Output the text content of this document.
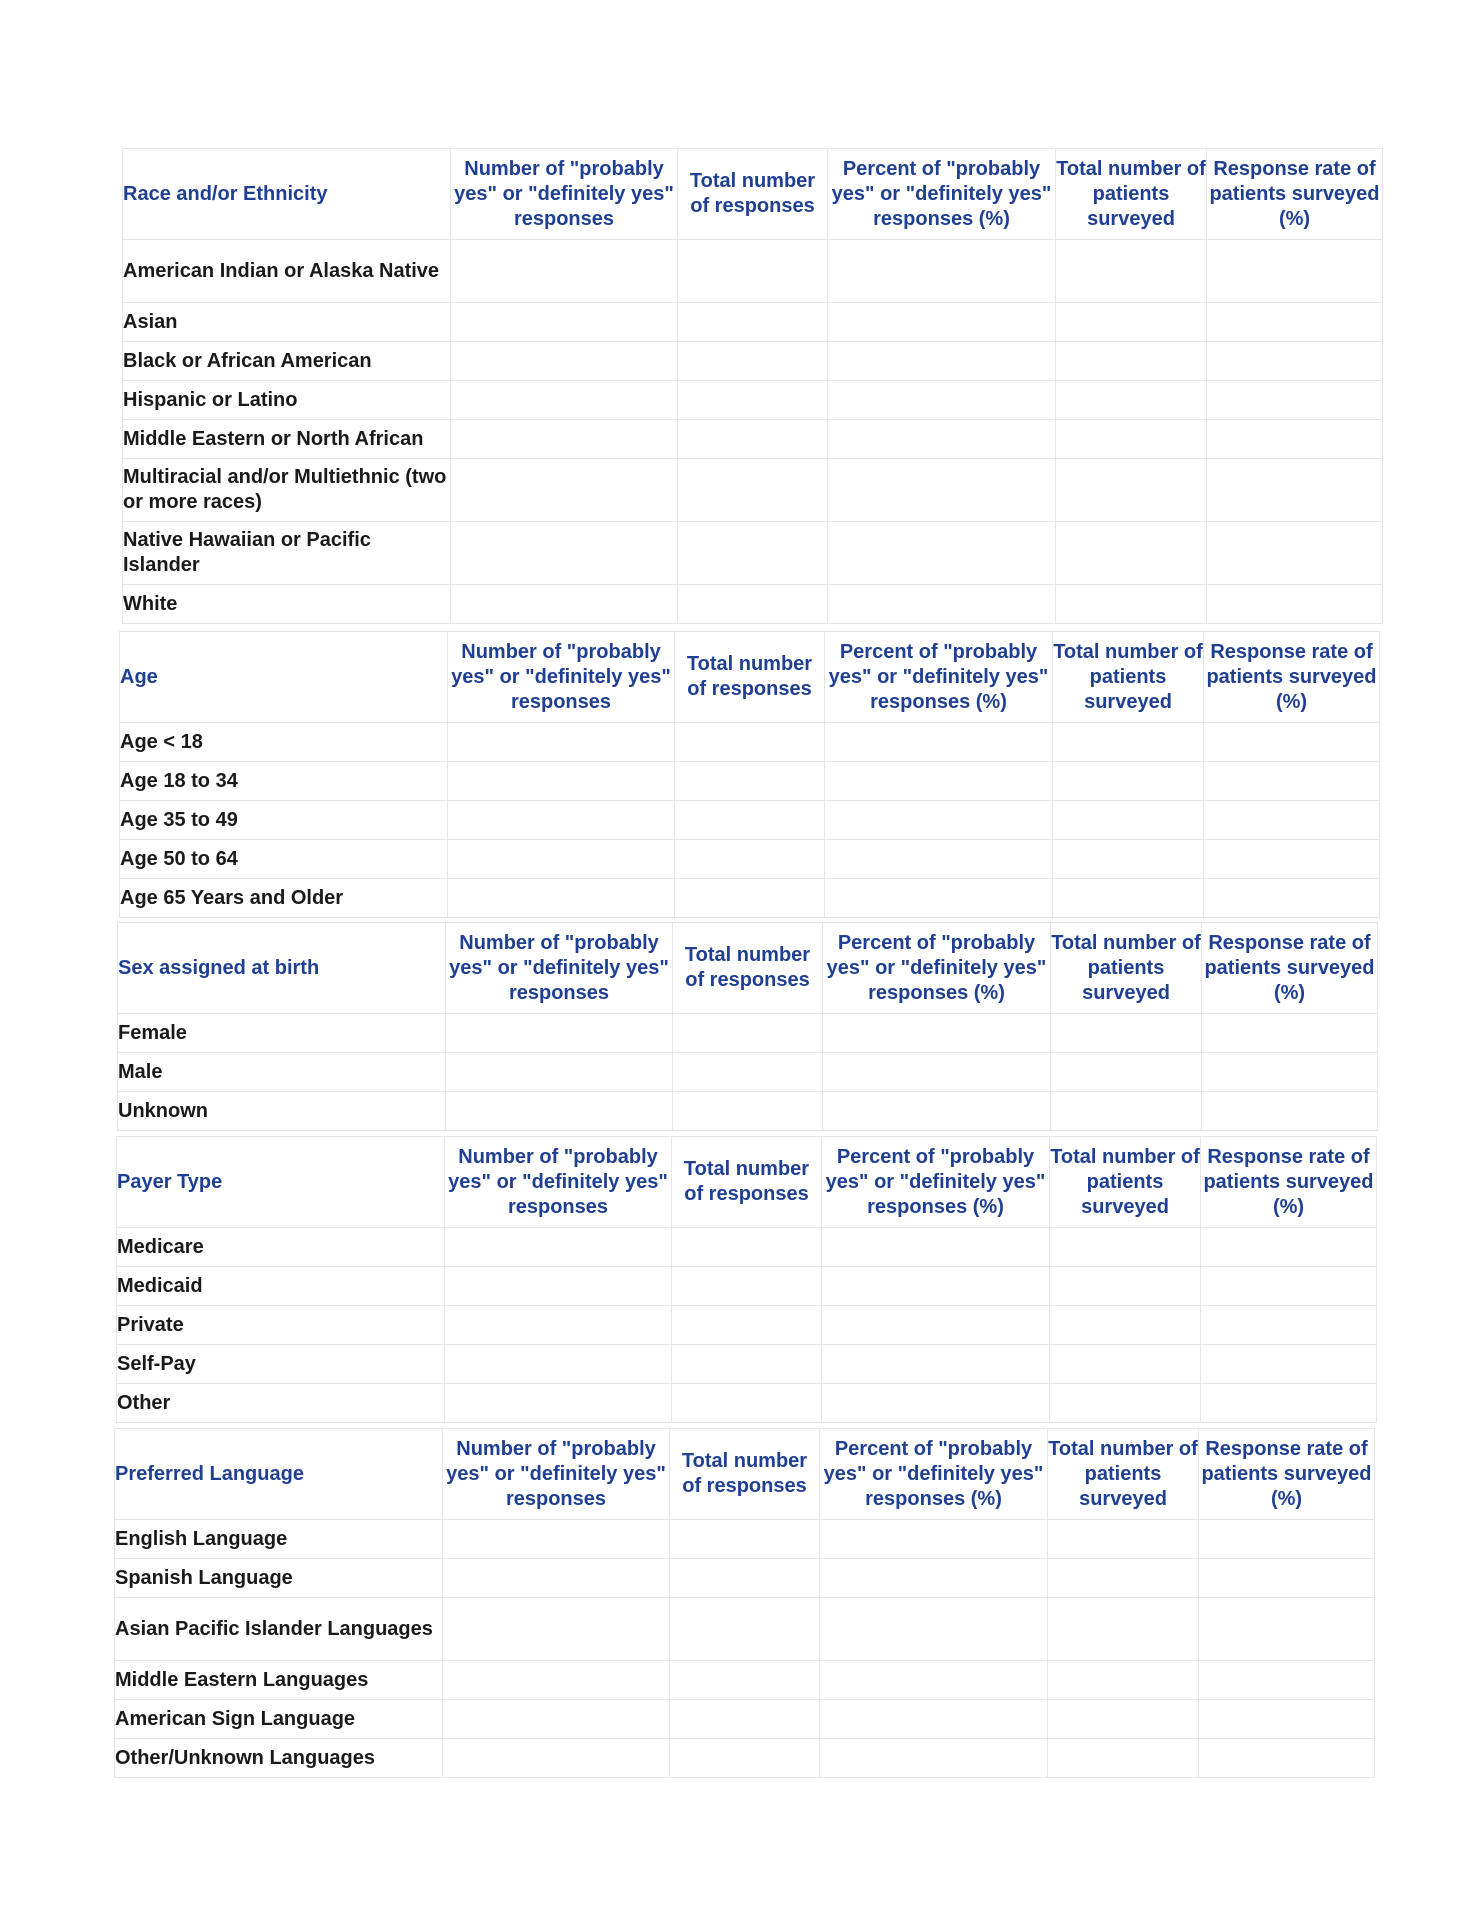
Race and/or Ethnicity	Number of "probably yes" or "definitely yes" responses	Total number of responses	Percent of "probably yes" or "definitely yes" responses (%)	Total number of patients surveyed	Response rate of patients surveyed (%)
American Indian or Alaska Native					
Asian					
Black or African American					
Hispanic or Latino					
Middle Eastern or North African					
Multiracial and/or Multiethnic (two or more races)					
Native Hawaiian or Pacific Islander					
White					
Age	Number of "probably yes" or "definitely yes" responses	Total number of responses	Percent of "probably yes" or "definitely yes" responses (%)	Total number of patients surveyed	Response rate of patients surveyed (%)
Age < 18					
Age 18 to 34					
Age 35 to 49					
Age 50 to 64					
Age 65 Years and Older					
Sex assigned at birth	Number of "probably yes" or "definitely yes" responses	Total number of responses	Percent of "probably yes" or "definitely yes" responses (%)	Total number of patients surveyed	Response rate of patients surveyed (%)
Female					
Male					
Unknown					
Payer Type	Number of "probably yes" or "definitely yes" responses	Total number of responses	Percent of "probably yes" or "definitely yes" responses (%)	Total number of patients surveyed	Response rate of patients surveyed (%)
Medicare					
Medicaid					
Private					
Self-Pay					
Other					
Preferred Language	Number of "probably yes" or "definitely yes" responses	Total number of responses	Percent of "probably yes" or "definitely yes" responses (%)	Total number of patients surveyed	Response rate of patients surveyed (%)
English Language					
Spanish Language					
Asian Pacific Islander Languages					
Middle Eastern Languages					
American Sign Language					
Other/Unknown Languages					
